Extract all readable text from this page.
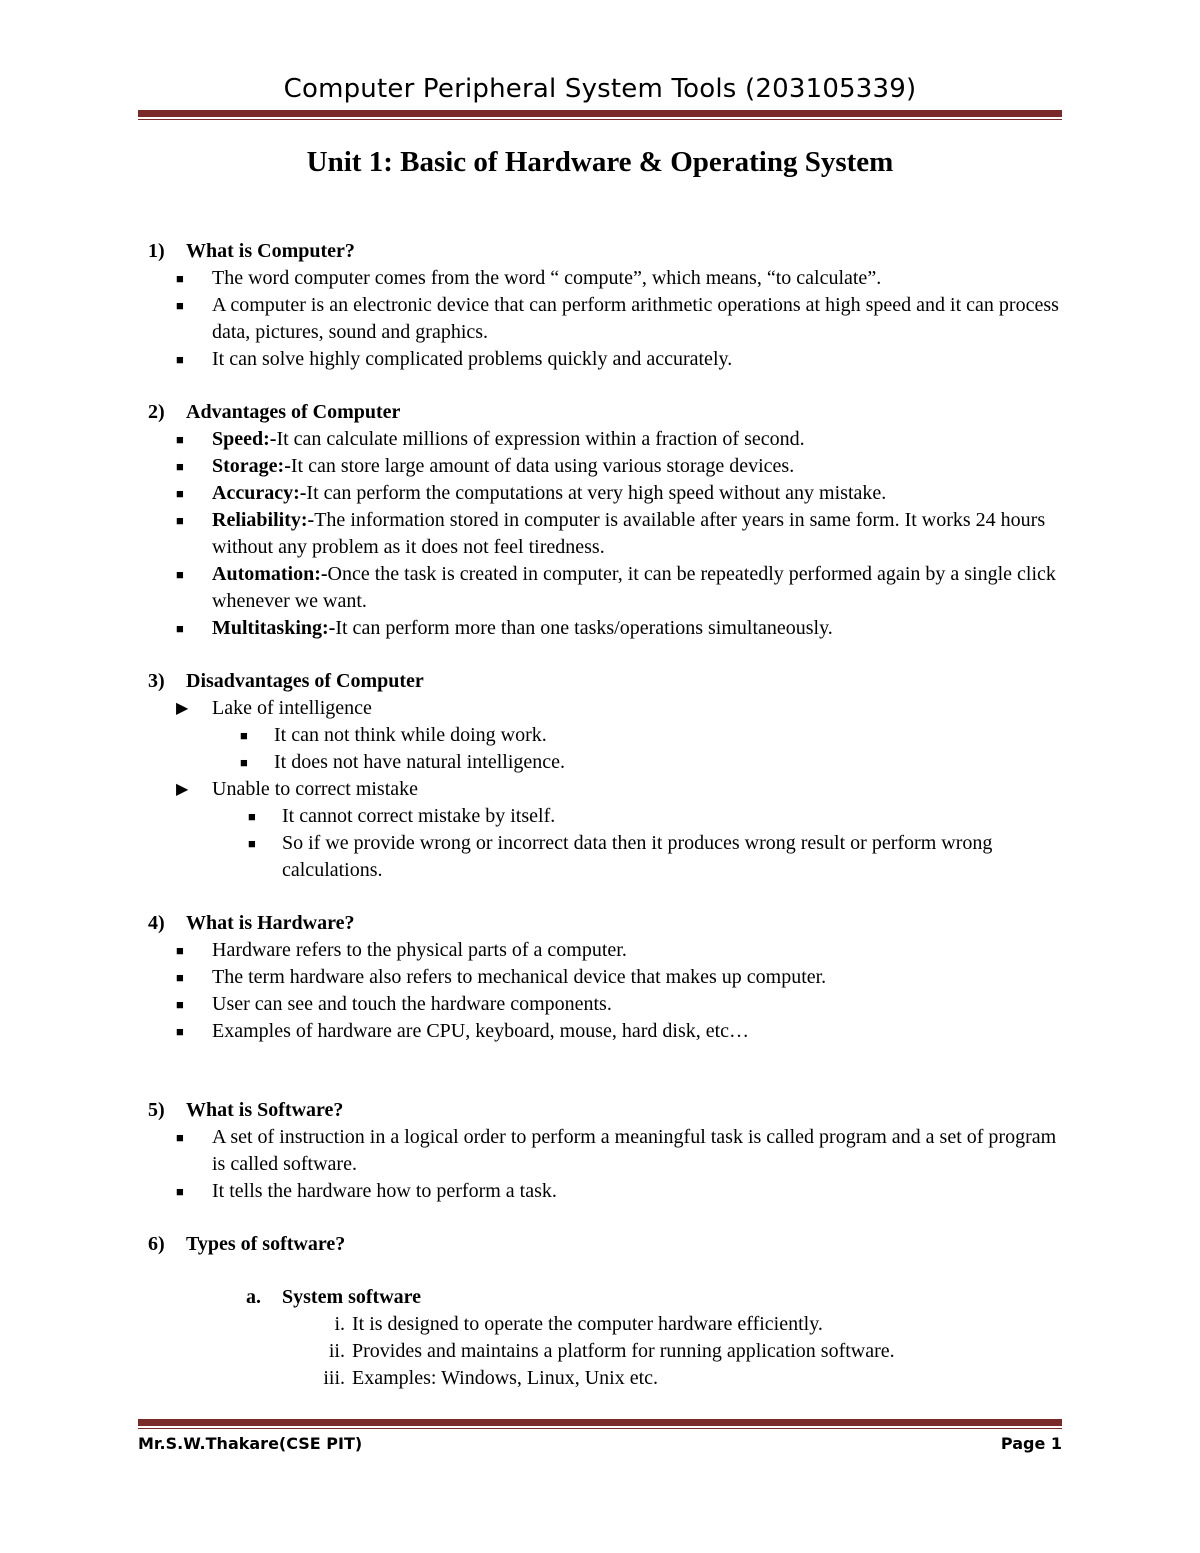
Computer Peripheral System Tools (203105339)
Unit 1: Basic of Hardware & Operating System
1) What is Computer?
■ The word computer comes from the word “ compute”, which means, “to calculate”.
■ A computer is an electronic device that can perform arithmetic operations at high speed and it can process data, pictures, sound and graphics.
■ It can solve highly complicated problems quickly and accurately.
2) Advantages of Computer
■ Speed:-It can calculate millions of expression within a fraction of second.
■ Storage:-It can store large amount of data using various storage devices.
■ Accuracy:-It can perform the computations at very high speed without any mistake.
■ Reliability:-The information stored in computer is available after years in same form. It works 24 hours without any problem as it does not feel tiredness.
■ Automation:-Once the task is created in computer, it can be repeatedly performed again by a single click whenever we want.
■ Multitasking:-It can perform more than one tasks/operations simultaneously.
3) Disadvantages of Computer
▶ Lake of intelligence
■ It can not think while doing work.
■ It does not have natural intelligence.
▶ Unable to correct mistake
■ It cannot correct mistake by itself.
■ So if we provide wrong or incorrect data then it produces wrong result or perform wrong calculations.
4) What is Hardware?
■ Hardware refers to the physical parts of a computer.
■ The term hardware also refers to mechanical device that makes up computer.
■ User can see and touch the hardware components.
■ Examples of hardware are CPU, keyboard, mouse, hard disk, etc…
5) What is Software?
■ A set of instruction in a logical order to perform a meaningful task is called program and a set of program is called software.
■ It tells the hardware how to perform a task.
6) Types of software?
a. System software
i. It is designed to operate the computer hardware efficiently.
ii. Provides and maintains a platform for running application software.
iii. Examples: Windows, Linux, Unix etc.
Mr.S.W.Thakare(CSE PIT)	Page 1
